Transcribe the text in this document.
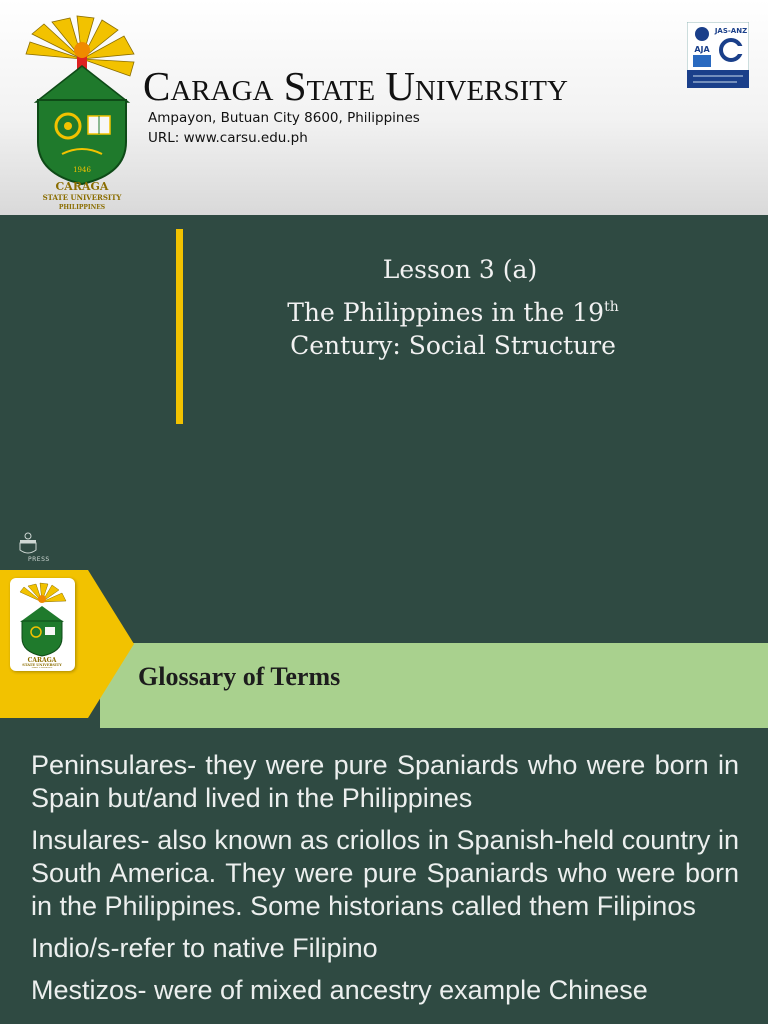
1946
CARAGA
STATE UNIVERSITY
PHILIPPINES
Caraga State University
Ampayon, Butuan City 8600, Philippines
URL: www.carsu.edu.ph
JAS-ANZ
AJA
Lesson 3 (a)
The Philippines in the 19th
Century: Social Structure
PRESS
CARAGA
STATE UNIVERSITY
PHILIPPINES	Glossary of Terms

Peninsulares- they were pure Spaniards who were born in Spain but/and lived in the Philippines

Insulares- also known as criollos in Spanish-held country in South America. They were pure Spaniards who were born in the Philippines. Some historians called them Filipinos

Indio/s-refer to native Filipino

Mestizos- were of mixed ancestry example Chinese
